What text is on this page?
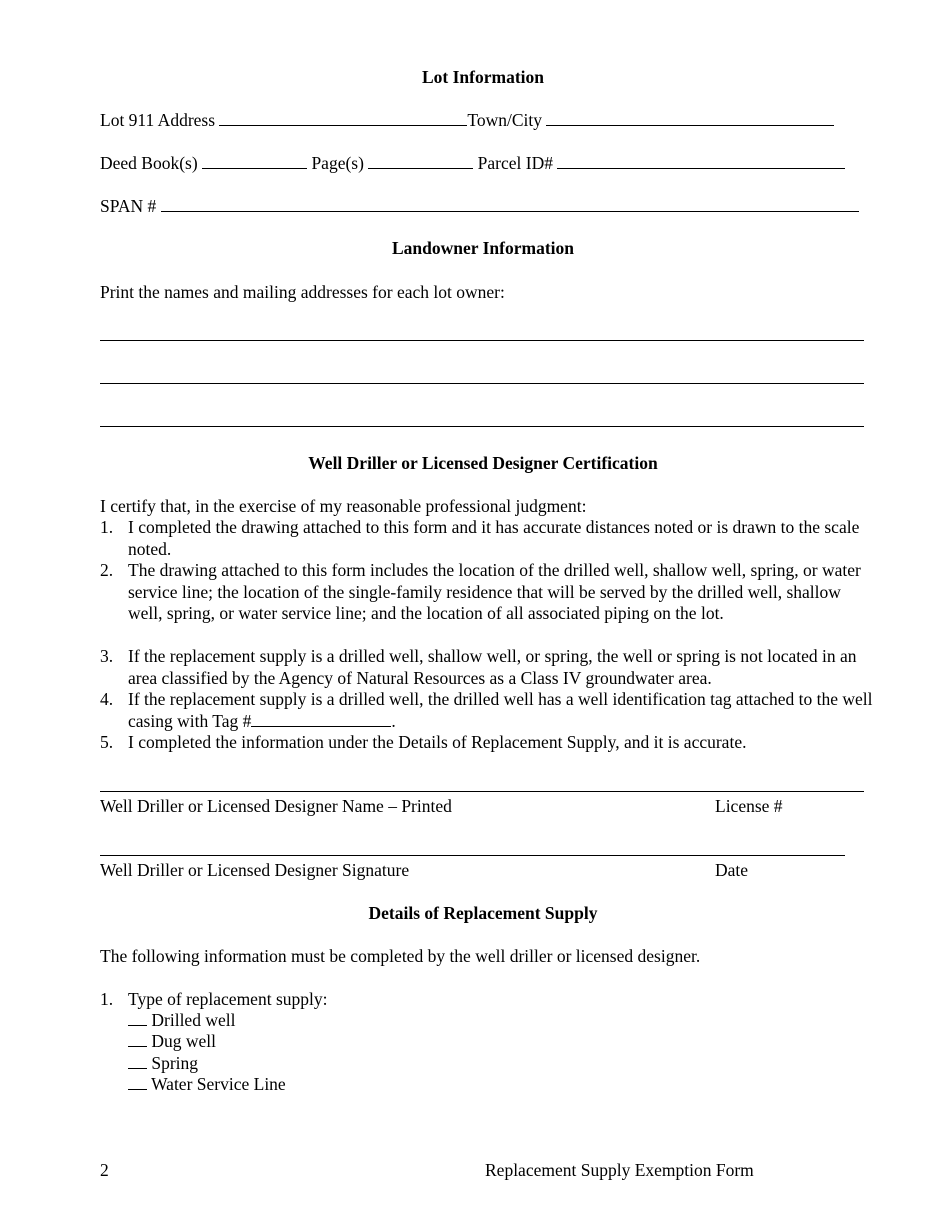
Lot Information
Lot 911 Address	Town/City
Deed Book(s)	Page(s)	Parcel ID#
SPAN #
Landowner Information
Print the names and mailing addresses for each lot owner:
Well Driller or Licensed Designer Certification
I certify that, in the exercise of my reasonable professional judgment:
1. I completed the drawing attached to this form and it has accurate distances noted or is drawn to the scale noted.
2. The drawing attached to this form includes the location of the drilled well, shallow well, spring, or water service line; the location of the single-family residence that will be served by the drilled well, shallow well, spring, or water service line; and the location of all associated piping on the lot.
3. If the replacement supply is a drilled well, shallow well, or spring, the well or spring is not located in an area classified by the Agency of Natural Resources as a Class IV groundwater area.
4. If the replacement supply is a drilled well, the drilled well has a well identification tag attached to the well casing with Tag #	.
5. I completed the information under the Details of Replacement Supply, and it is accurate.
Well Driller or Licensed Designer Name – Printed	License #
Well Driller or Licensed Designer Signature	Date
Details of Replacement Supply
The following information must be completed by the well driller or licensed designer.
1. Type of replacement supply:
Drilled well
Dug well
Spring
Water Service Line
2	Replacement Supply Exemption Form
